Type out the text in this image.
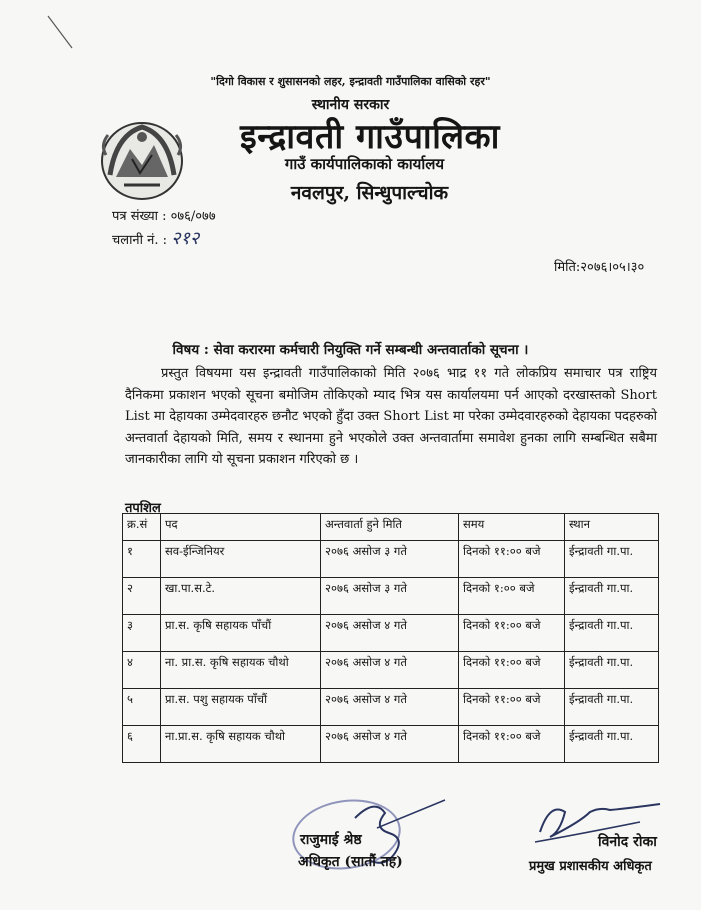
"दिगो विकास र शुसासनको लहर, इन्द्रावती गाउँपालिका वासिको रहर"
स्थानीय सरकार
इन्द्रावती गाउँपालिका
गाउँ कार्यपालिकाको कार्यालय
नवलपुर, सिन्धुपाल्चोक
पत्र संख्या : ०७६/०७७
चलानी नं. : २१२
मिति:२०७६।०५।३०
विषय : सेवा करारमा कर्मचारी नियुक्ति गर्ने सम्बन्धी अन्तवार्ताको सूचना ।
प्रस्तुत विषयमा यस इन्द्रावती गाउँपालिकाको मिति २०७६ भाद्र ११ गते लोकप्रिय समाचार पत्र राष्ट्रिय दैनिकमा प्रकाशन भएको सूचना बमोजिम तोकिएको म्याद भित्र यस कार्यालयमा पर्न आएको दरखास्तको Short List मा देहायका उम्मेदवारहरु छनौट भएको हुँदा उक्त Short List मा परेका उम्मेदवारहरुको देहायका पदहरुको अन्तवार्ता देहायको मिति, समय र स्थानमा हुने भएकोले उक्त अन्तवार्तामा समावेश हुनका लागि सम्बन्धित सबैमा जानकारीका लागि यो सूचना प्रकाशन गरिएको छ ।
तपशिल
क्र.सं	पद	अन्तवार्ता हुने मिति	समय	स्थान
१	सव-ईन्जिनियर	२०७६ असोज ३ गते	दिनको ११:०० बजे	ईन्द्रावती गा.पा.
२	खा.पा.स.टे.	२०७६ असोज ३ गते	दिनको १:०० बजे	ईन्द्रावती गा.पा.
३	प्रा.स. कृषि सहायक पाँचौं	२०७६ असोज ४ गते	दिनको ११:०० बजे	ईन्द्रावती गा.पा.
४	ना. प्रा.स. कृषि सहायक चौथो	२०७६ असोज ४ गते	दिनको ११:०० बजे	ईन्द्रावती गा.पा.
५	प्रा.स. पशु सहायक पाँचौं	२०७६ असोज ४ गते	दिनको ११:०० बजे	ईन्द्रावती गा.पा.
६	ना.प्रा.स. कृषि सहायक चौथो	२०७६ असोज ४ गते	दिनको ११:०० बजे	ईन्द्रावती गा.पा.
राजुमाई श्रेष्ठ
अधिकृत (सातौं तह)
विनोद रोका
प्रमुख प्रशासकीय अधिकृत
